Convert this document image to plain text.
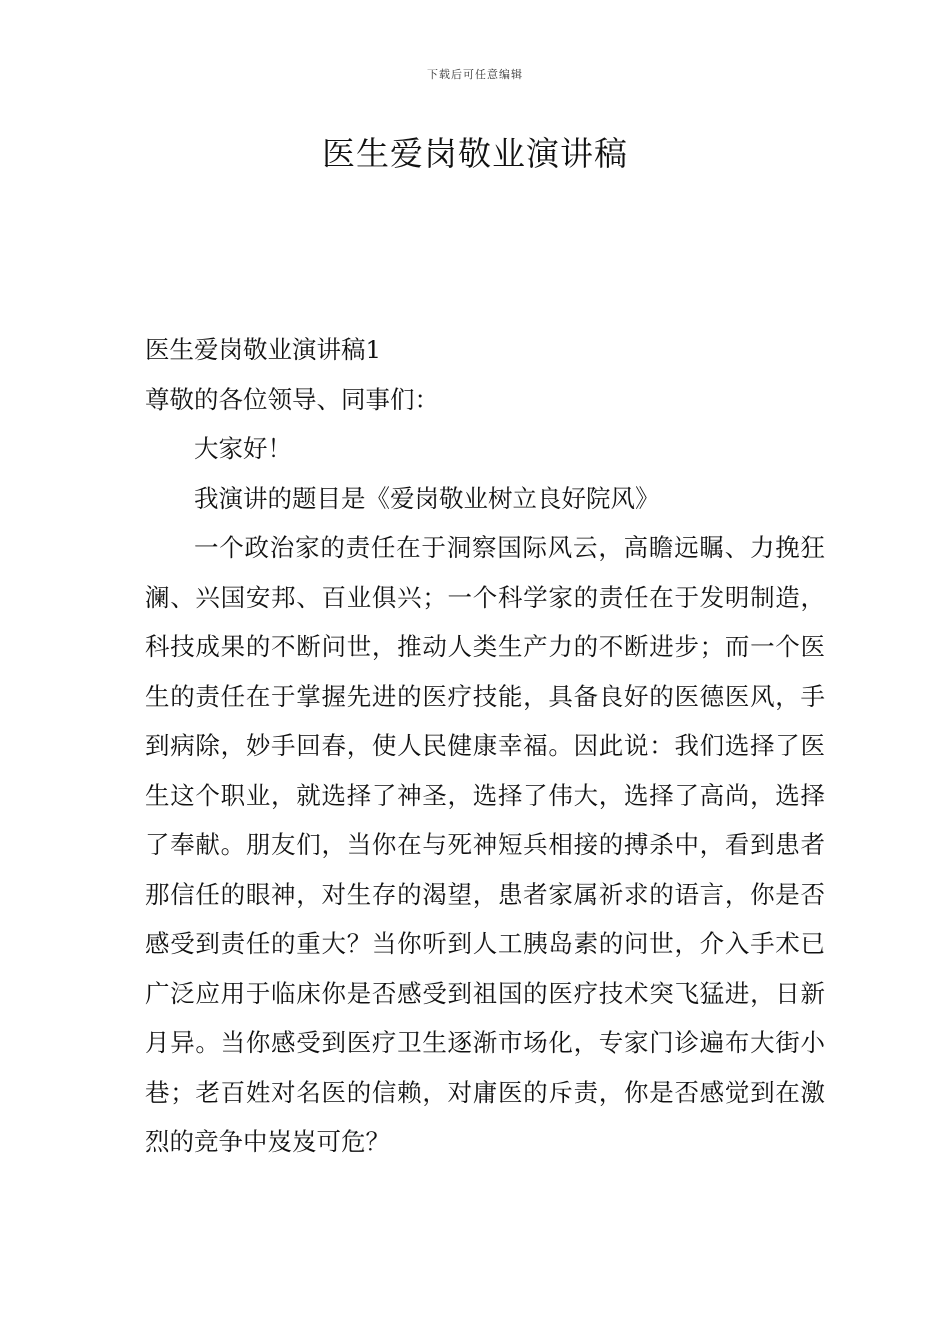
下载后可任意编辑
医生爱岗敬业演讲稿

医生爱岗敬业演讲稿1

尊敬的各位领导、同事们：

大家好！

我演讲的题目是《爱岗敬业树立良好院风》

一个政治家的责任在于洞察国际风云，高瞻远瞩、力挽狂澜、兴国安邦、百业俱兴；一个科学家的责任在于发明制造，科技成果的不断问世，推动人类生产力的不断进步；而一个医生的责任在于掌握先进的医疗技能，具备良好的医德医风，手到病除，妙手回春，使人民健康幸福。因此说：我们选择了医生这个职业，就选择了神圣，选择了伟大，选择了高尚，选择了奉献。朋友们，当你在与死神短兵相接的搏杀中，看到患者那信任的眼神，对生存的渴望，患者家属祈求的语言，你是否感受到责任的重大？当你听到人工胰岛素的问世，介入手术已广泛应用于临床你是否感受到祖国的医疗技术突飞猛进，日新月异。当你感受到医疗卫生逐渐市场化，专家门诊遍布大街小巷；老百姓对名医的信赖，对庸医的斥责，你是否感觉到在激烈的竞争中岌岌可危？
